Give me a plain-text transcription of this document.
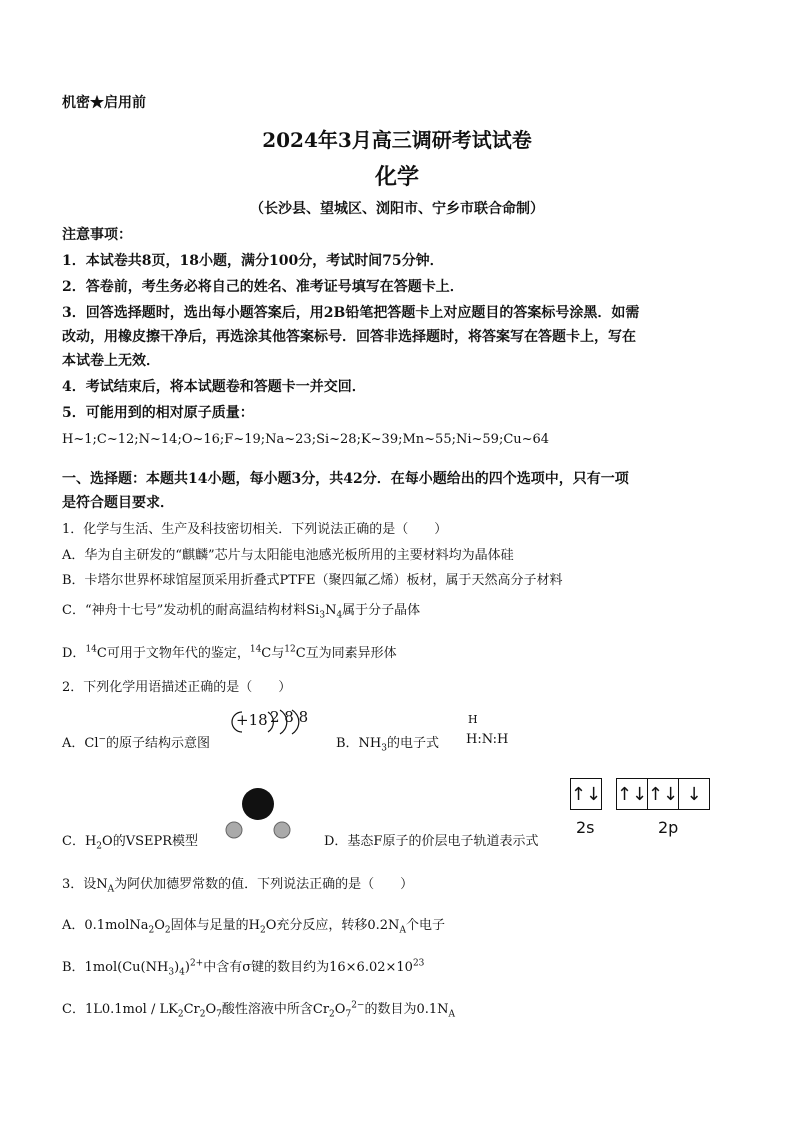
机密★启用前
2024年3月高三调研考试试卷
化学
（长沙县、望城区、浏阳市、宁乡市联合命制）
注意事项：
1．本试卷共8页，18小题，满分100分，考试时间75分钟．
2．答卷前，考生务必将自己的姓名、准考证号填写在答题卡上．
3．回答选择题时，选出每小题答案后，用2B铅笔把答题卡上对应题目的答案标号涂黑．如需
改动，用橡皮擦干净后，再选涂其他答案标号．回答非选择题时，将答案写在答题卡上，写在
本试卷上无效．
4．考试结束后，将本试题卷和答题卡一并交回．
5．可能用到的相对原子质量：
H~1;C~12;N~14;O~16;F~19;Na~23;Si~28;K~39;Mn~55;Ni~59;Cu~64
一、选择题：本题共14小题，每小题3分，共42分．在每小题给出的四个选项中，只有一项
是符合题目要求．
1．化学与生活、生产及科技密切相关．下列说法正确的是（　　）
A．华为自主研发的“麒麟”芯片与太阳能电池感光板所用的主要材料均为晶体硅
B．卡塔尔世界杯球馆屋顶采用折叠式PTFE（聚四氟乙烯）板材，属于天然高分子材料
C．“神舟十七号”发动机的耐高温结构材料$Si_3N_4$属于分子晶体
D．$^{14}$C可用于文物年代的鉴定，$^{14}$C与$^{12}$C互为同素异形体
2．下列化学用语描述正确的是（　　）
A．Cl−的原子结构示意图
+18 2 8 8
B．$NH_3$的电子式 H:N:H
H
C．$H_2O$的VSEPR模型	D．基态F原子的价层电子轨道表示式
↑↓ ↑↓ ↑↓ ↓
2s	2p
3．设$N_A$为阿伏加德罗常数的值．下列说法正确的是（　　）
A．$0.1molNa_2O_2$固体与足量的$H_2O$充分反应，转移$0.2N_A$个电子
B．$1mol(Cu(NH_3)_4)^{2+}$中含有σ键的数目约为$16\times 6.02\times 10^{23}$
C．$1L0.1mol / LK_2Cr_2O_7$酸性溶液中所含$Cr_2O_7^{2-}$的数目为$0.1N_A$
